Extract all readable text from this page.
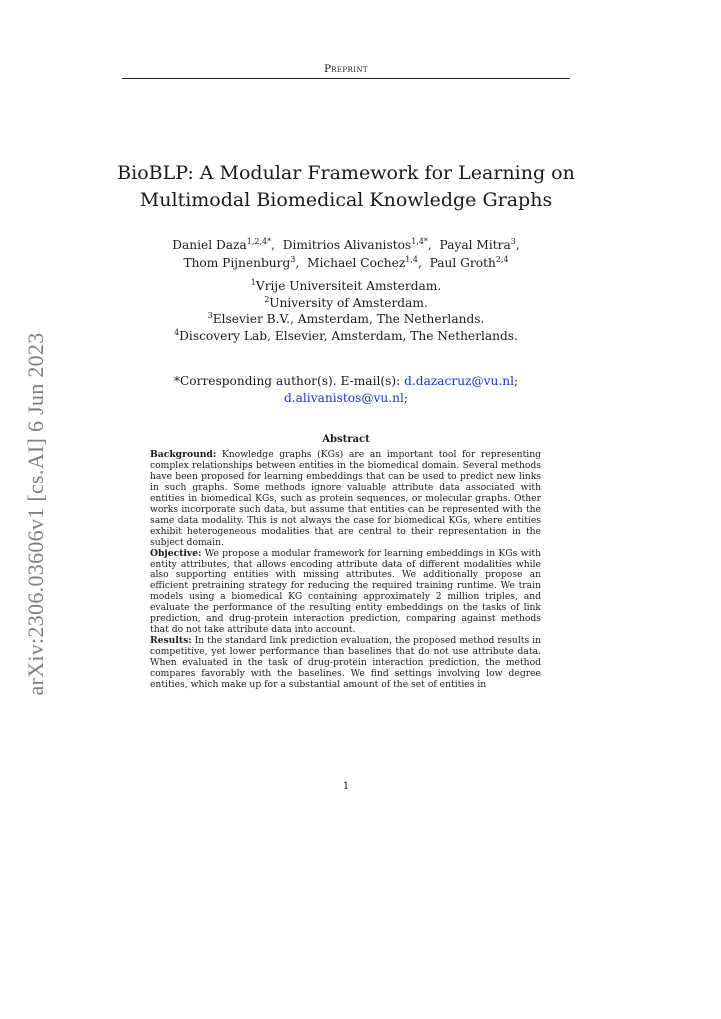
Preprint
arXiv:2306.03606v1 [cs.AI] 6 Jun 2023
BioBLP: A Modular Framework for Learning on
Multimodal Biomedical Knowledge Graphs
Daniel Daza$^{1,2,4*}$,  Dimitrios Alivanistos$^{1,4*}$,  Payal Mitra$^3$,
Thom Pijnenburg$^3$,  Michael Cochez$^{1,4}$,  Paul Groth$^{2,4}$
$^1$Vrije Universiteit Amsterdam.
$^2$University of Amsterdam.
$^3$Elsevier B.V., Amsterdam, The Netherlands.
$^4$Discovery Lab, Elsevier, Amsterdam, The Netherlands.
*Corresponding author(s). E-mail(s): d.dazacruz@vu.nl;
d.alivanistos@vu.nl;
Abstract

Background: Knowledge graphs (KGs) are an important tool for representing complex relationships between entities in the biomedical domain. Several methods have been proposed for learning embeddings that can be used to predict new links in such graphs. Some methods ignore valuable attribute data associated with entities in biomedical KGs, such as protein sequences, or molecular graphs. Other works incorporate such data, but assume that entities can be represented with the same data modality. This is not always the case for biomedical KGs, where entities exhibit heterogeneous modalities that are central to their representation in the subject domain.

Objective: We propose a modular framework for learning embeddings in KGs with entity attributes, that allows encoding attribute data of different modalities while also supporting entities with missing attributes. We additionally propose an efficient pretraining strategy for reducing the required training runtime. We train models using a biomedical KG containing approximately 2 million triples, and evaluate the performance of the resulting entity embeddings on the tasks of link prediction, and drug-protein interaction prediction, comparing against methods that do not take attribute data into account.

Results: In the standard link prediction evaluation, the proposed method results in competitive, yet lower performance than baselines that do not use attribute data. When evaluated in the task of drug-protein interaction prediction, the method compares favorably with the baselines. We find settings involving low degree entities, which make up for a substantial amount of the set of entities in

1
